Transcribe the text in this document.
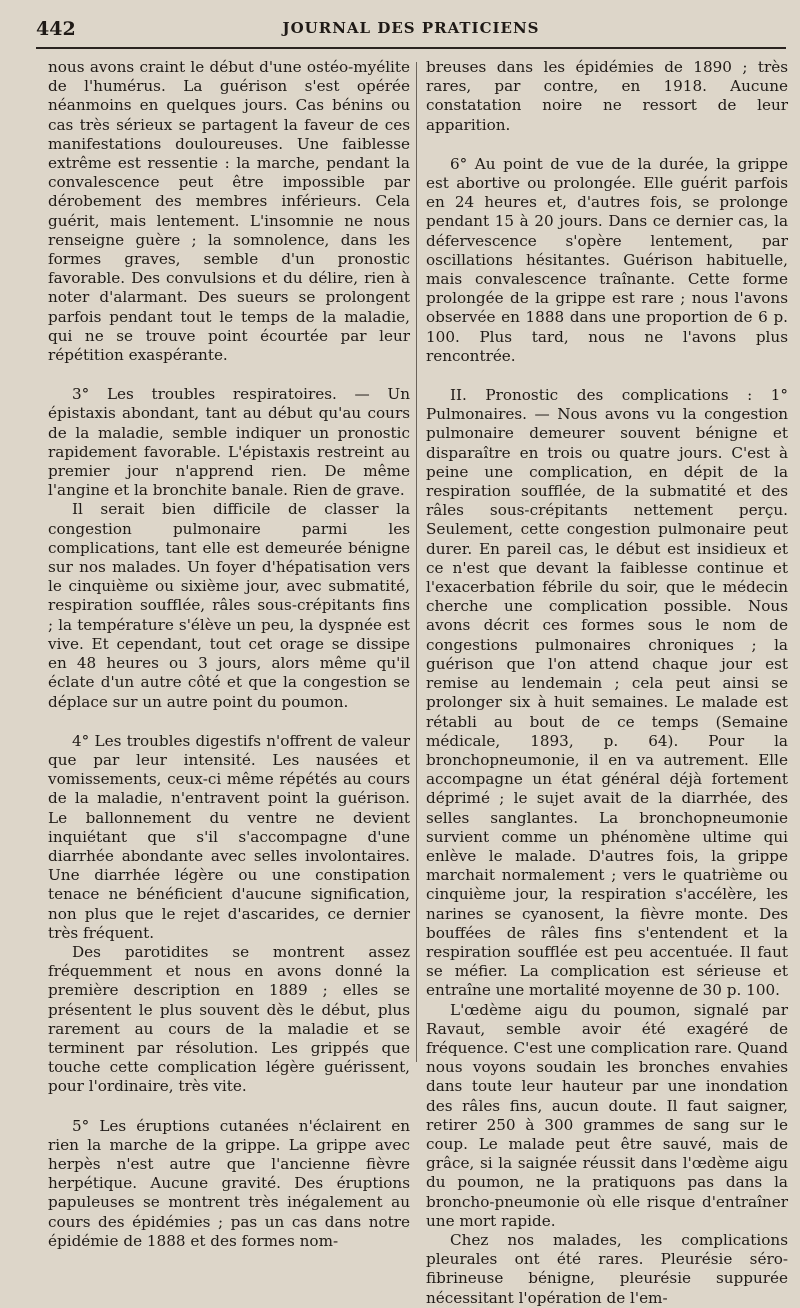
442	JOURNAL DES PRATICIENS

nous avons craint le début d'une ostéo-myélite de l'humérus. La guérison s'est opérée néanmoins en quelques jours. Cas bénins ou cas très sérieux se partagent la faveur de ces manifestations douloureuses. Une faiblesse extrême est ressentie : la marche, pendant la convalescence peut être impossible par dérobement des membres inférieurs. Cela guérit, mais lentement. L'insomnie ne nous renseigne guère ; la somnolence, dans les formes graves, semble d'un pronostic favorable. Des convulsions et du délire, rien à noter d'alarmant. Des sueurs se prolongent parfois pendant tout le temps de la maladie, qui ne se trouve point écourtée par leur répétition exaspérante.

3° Les troubles respiratoires. — Un épistaxis abondant, tant au début qu'au cours de la maladie, semble indiquer un pronostic rapidement favorable. L'épistaxis restreint au premier jour n'apprend rien. De même l'angine et la bronchite banale. Rien de grave.

Il serait bien difficile de classer la congestion pulmonaire parmi les complications, tant elle est demeurée bénigne sur nos malades. Un foyer d'hépatisation vers le cinquième ou sixième jour, avec submatité, respiration soufflée, râles sous-crépitants fins ; la température s'élève un peu, la dyspnée est vive. Et cependant, tout cet orage se dissipe en 48 heures ou 3 jours, alors même qu'il éclate d'un autre côté et que la congestion se déplace sur un autre point du poumon.

4° Les troubles digestifs n'offrent de valeur que par leur intensité. Les nausées et vomissements, ceux-ci même répétés au cours de la maladie, n'entravent point la guérison. Le ballonnement du ventre ne devient inquiétant que s'il s'accompagne d'une diarrhée abondante avec selles involontaires. Une diarrhée légère ou une constipation tenace ne bénéficient d'aucune signification, non plus que le rejet d'ascarides, ce dernier très fréquent.

Des parotidites se montrent assez fréquemment et nous en avons donné la première description en 1889 ; elles se présentent le plus souvent dès le début, plus rarement au cours de la maladie et se terminent par résolution. Les grippés que touche cette complication légère guérissent, pour l'ordinaire, très vite.

5° Les éruptions cutanées n'éclairent en rien la marche de la grippe. La grippe avec herpès n'est autre que l'ancienne fièvre herpétique. Aucune gravité. Des éruptions papuleuses se montrent très inégalement au cours des épidémies ; pas un cas dans notre épidémie de 1888 et des formes nom-

breuses dans les épidémies de 1890 ; très rares, par contre, en 1918. Aucune constatation noire ne ressort de leur apparition.

6° Au point de vue de la durée, la grippe est abortive ou prolongée. Elle guérit parfois en 24 heures et, d'autres fois, se prolonge pendant 15 à 20 jours. Dans ce dernier cas, la défervescence s'opère lentement, par oscillations hésitantes. Guérison habituelle, mais convalescence traînante. Cette forme prolongée de la grippe est rare ; nous l'avons observée en 1888 dans une proportion de 6 p. 100. Plus tard, nous ne l'avons plus rencontrée.

II. Pronostic des complications : 1° Pulmonaires. — Nous avons vu la congestion pulmonaire demeurer souvent bénigne et disparaître en trois ou quatre jours. C'est à peine une complication, en dépit de la respiration soufflée, de la submatité et des râles sous-crépitants nettement perçu. Seulement, cette congestion pulmonaire peut durer. En pareil cas, le début est insidieux et ce n'est que devant la faiblesse continue et l'exacerbation fébrile du soir, que le médecin cherche une complication possible. Nous avons décrit ces formes sous le nom de congestions pulmonaires chroniques ; la guérison que l'on attend chaque jour est remise au lendemain ; cela peut ainsi se prolonger six à huit semaines. Le malade est rétabli au bout de ce temps (Semaine médicale, 1893, p. 64). Pour la bronchopneumonie, il en va autrement. Elle accompagne un état général déjà fortement déprimé ; le sujet avait de la diarrhée, des selles sanglantes. La bronchopneumonie survient comme un phénomène ultime qui enlève le malade. D'autres fois, la grippe marchait normalement ; vers le quatrième ou cinquième jour, la respiration s'accélère, les narines se cyanosent, la fièvre monte. Des bouffées de râles fins s'entendent et la respiration soufflée est peu accentuée. Il faut se méfier. La complication est sérieuse et entraîne une mortalité moyenne de 30 p. 100.

L'œdème aigu du poumon, signalé par Ravaut, semble avoir été exagéré de fréquence. C'est une complication rare. Quand nous voyons soudain les bronches envahies dans toute leur hauteur par une inondation des râles fins, aucun doute. Il faut saigner, retirer 250 à 300 grammes de sang sur le coup. Le malade peut être sauvé, mais de grâce, si la saignée réussit dans l'œdème aigu du poumon, ne la pratiquons pas dans la broncho-pneumonie où elle risque d'entraîner une mort rapide.

Chez nos malades, les complications pleurales ont été rares. Pleurésie séro-fibrineuse bénigne, pleurésie suppurée nécessitant l'opération de l'em-
